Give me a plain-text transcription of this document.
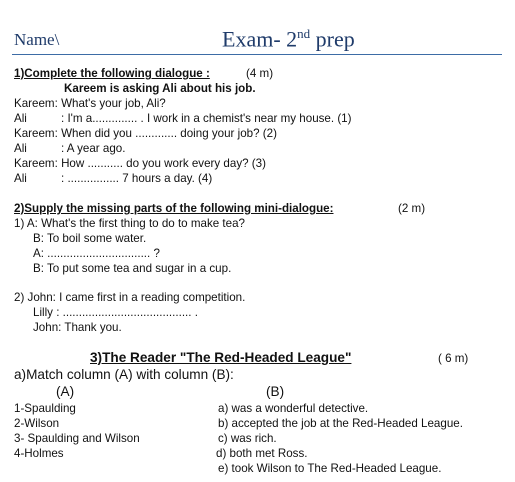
Name\	Exam- 2nd prep
1)Complete the following dialogue :	(4 m)
Kareem is asking Ali about his job.
Kareem: What's your job, Ali?
Ali	: I'm a.............. . I work in a chemist's near my house. (1)
Kareem: When did you ............. doing your job? (2)
Ali	: A year ago.
Kareem: How ........... do you work every day? (3)
Ali	: ................ 7 hours a day. (4)
2)Supply the missing parts of the following mini-dialogue:	(2 m)
1) A: What's the first thing to do to make tea?
B: To boil some water.
A: ................................ ?
B: To put some tea and sugar in a cup.
2) John: I came first in a reading competition.
Lilly : ........................................ .
John: Thank you.
3)The Reader "The Red-Headed League"	( 6 m)
a)Match column (A) with column (B):
(A)	(B)
1-Spaulding
2-Wilson
3- Spaulding and Wilson
4-Holmes
a) was a wonderful detective.
b) accepted the job at the Red-Headed League.
c) was rich.
d) both met Ross.
e) took Wilson to The Red-Headed League.
